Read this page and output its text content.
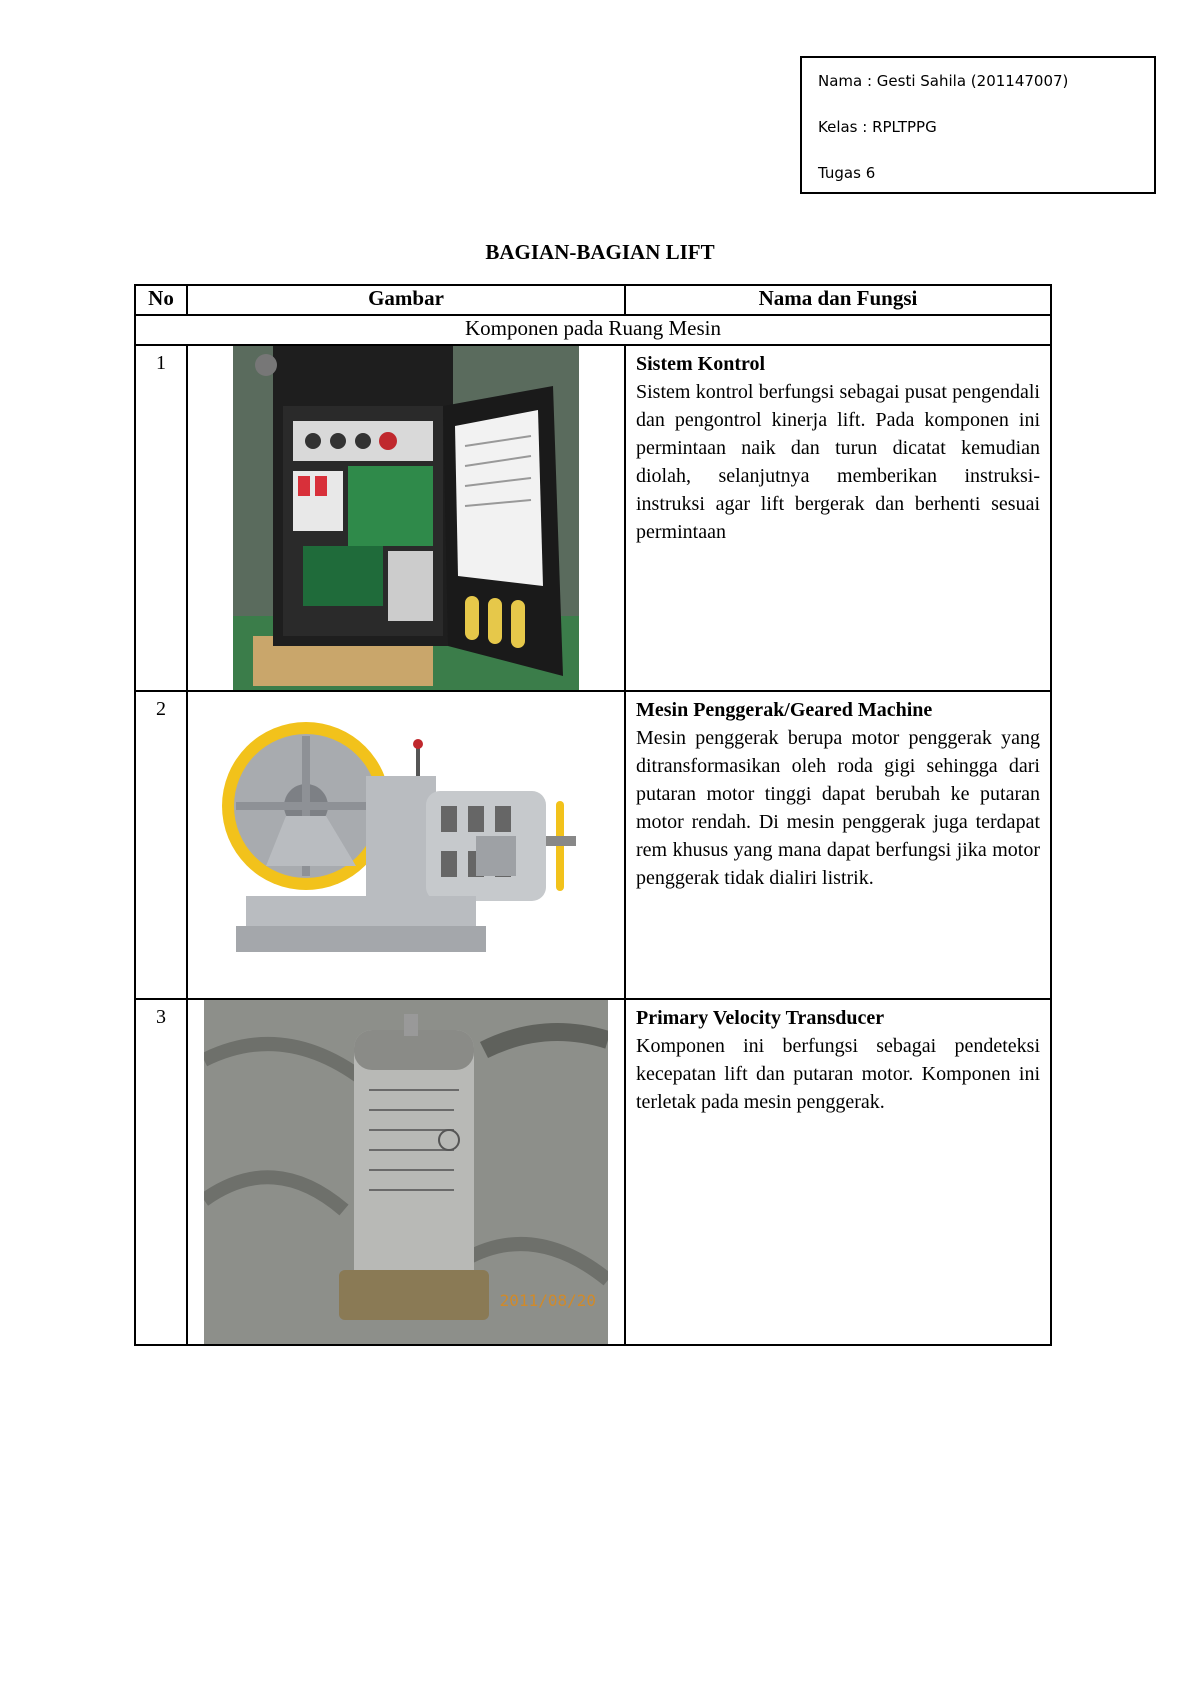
Nama : Gesti Sahila (201147007)
Kelas : RPLTPPG
Tugas 6
BAGIAN-BAGIAN LIFT
No	Gambar	Nama dan Fungsi
Komponen pada Ruang Mesin		
1		Sistem Kontrol
Sistem kontrol berfungsi sebagai pusat pengendali dan pengontrol kinerja lift. Pada komponen ini permintaan naik dan turun dicatat kemudian diolah, selanjutnya memberikan instruksi-instruksi agar lift bergerak dan berhenti sesuai permintaan
2		Mesin Penggerak/Geared Machine
Mesin penggerak berupa motor penggerak yang ditransformasikan oleh roda gigi sehingga dari putaran motor tinggi dapat berubah ke putaran motor rendah. Di mesin penggerak juga terdapat rem khusus yang mana dapat berfungsi jika motor penggerak tidak dialiri listrik.
3	2011/08/20	Primary Velocity Transducer
Komponen ini berfungsi sebagai pendeteksi kecepatan lift dan putaran motor. Komponen ini terletak pada mesin penggerak.
